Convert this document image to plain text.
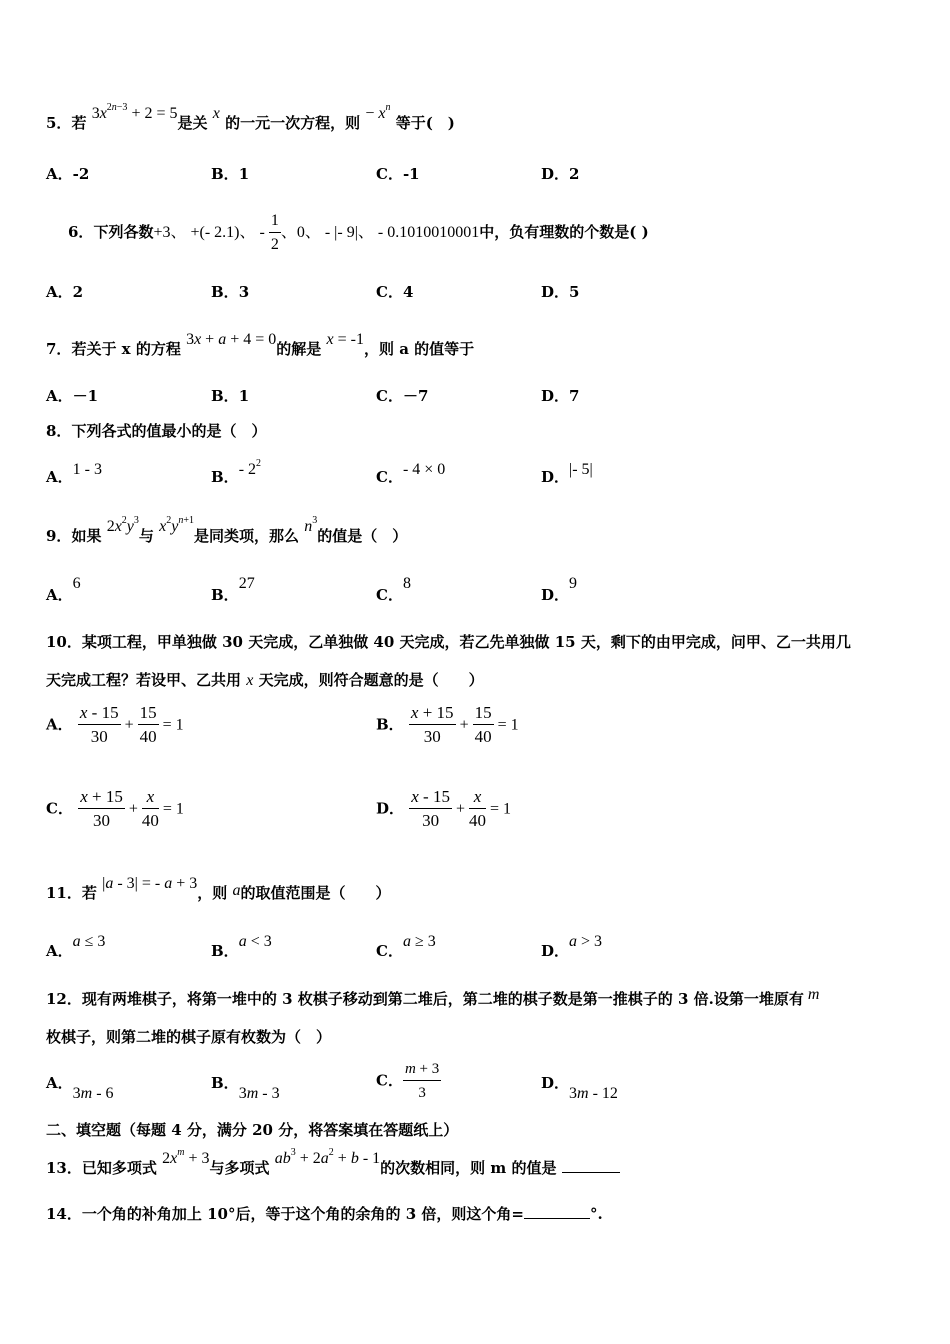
5．若 $3x^{2n-3} + 2 = 5$是关 x 的一元一次方程，则 − $x^n$ 等于(　)
A．-2	B．1	C．-1	D．2
6．下列各数+3、 +(- 2.1)、 - $\frac{1}{2}$ 、0、 - |- 9|、 - 0.1010010001中，负有理数的个数是( )
A．2	B．3	C．4	D．5
7．若关于 x 的方程 3x + a + 4 = 0的解是 x = -1，则 a 的值等于
A．－1	B．1	C．－7	D．7
8．下列各式的值最小的是（　）
A．1 - 3	B．- $2^2$
C．- 4 × 0	D．|- 5|
9．如果 $2x^2y^3$与 $x^2y^{n+1}$是同类项，那么 $n^3$的值是（　）
A．6
B．27
C．8
D．9
10．某项工程，甲单独做 30 天完成，乙单独做 40 天完成，若乙先单独做 15 天，剩下的由甲完成，问甲、乙一共用几
天完成工程？若设甲、乙共用 x 天完成，则符合题意的是（　　）
A． $\frac{x - 15}{30} + \frac{15}{40} = 1$	B． $\frac{x + 15}{30} + \frac{15}{40} = 1$
C． $\frac{x + 15}{30} + \frac{x}{40} = 1$	D． $\frac{x - 15}{30} + \frac{x}{40} = 1$
11．若 |a - 3| = - a + 3，则 a的取值范围是（　　）
A．a ≤ 3
B．a < 3
C．a ≥ 3
D．a > 3
12．现有两堆棋子，将第一堆中的 3 枚棋子移动到第二堆后，第二堆的棋子数是第一推棋子的 3 倍.设第一堆原有 m
枚棋子，则第二堆的棋子原有枚数为（　）
A．3m - 6
B．3m - 3
C． $\frac{m + 3}{3}$	D．3m - 12
二、填空题（每题 4 分，满分 20 分，将答案填在答题纸上）
13．已知多项式 $2x^m + 3$与多项式 $ab^3 + 2a^2 + b - 1$的次数相同，则 m 的值是
14．一个角的补角加上 10°后，等于这个角的余角的 3 倍，则这个角=	°.
